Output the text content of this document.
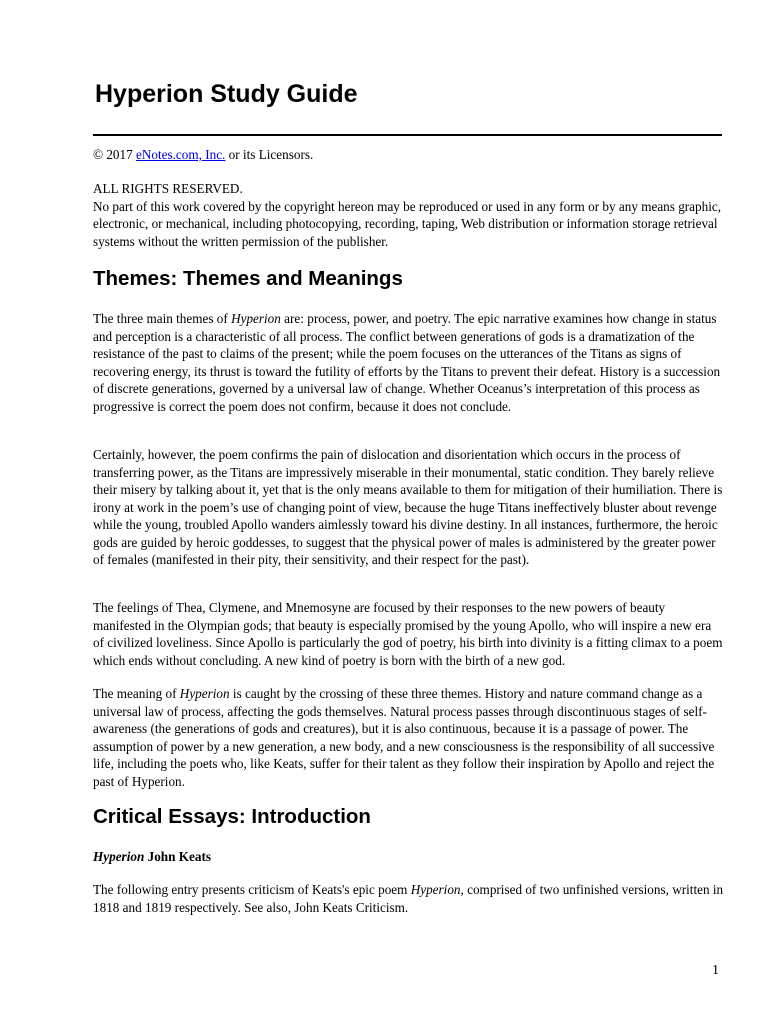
Hyperion Study Guide

© 2017 eNotes.com, Inc. or its Licensors.

ALL RIGHTS RESERVED.
No part of this work covered by the copyright hereon may be reproduced or used in any form or by any means graphic, electronic, or mechanical, including photocopying, recording, taping, Web distribution or information storage retrieval systems without the written permission of the publisher.
Themes: Themes and Meanings

The three main themes of Hyperion are: process, power, and poetry. The epic narrative examines how change in status and perception is a characteristic of all process. The conflict between generations of gods is a dramatization of the resistance of the past to claims of the present; while the poem focuses on the utterances of the Titans as signs of recovering energy, its thrust is toward the futility of efforts by the Titans to prevent their defeat. History is a succession of discrete generations, governed by a universal law of change. Whether Oceanus’s interpretation of this process as progressive is correct the poem does not confirm, because it does not conclude.

Certainly, however, the poem confirms the pain of dislocation and disorientation which occurs in the process of transferring power, as the Titans are impressively miserable in their monumental, static condition. They barely relieve their misery by talking about it, yet that is the only means available to them for mitigation of their humiliation. There is irony at work in the poem’s use of changing point of view, because the huge Titans ineffectively bluster about revenge while the young, troubled Apollo wanders aimlessly toward his divine destiny. In all instances, furthermore, the heroic gods are guided by heroic goddesses, to suggest that the physical power of males is administered by the greater power of females (manifested in their pity, their sensitivity, and their respect for the past).

The feelings of Thea, Clymene, and Mnemosyne are focused by their responses to the new powers of beauty manifested in the Olympian gods; that beauty is especially promised by the young Apollo, who will inspire a new era of civilized loveliness. Since Apollo is particularly the god of poetry, his birth into divinity is a fitting climax to a poem which ends without concluding. A new kind of poetry is born with the birth of a new god.

The meaning of Hyperion is caught by the crossing of these three themes. History and nature command change as a universal law of process, affecting the gods themselves. Natural process passes through discontinuous stages of self-awareness (the generations of gods and creatures), but it is also continuous, because it is a passage of power. The assumption of power by a new generation, a new body, and a new consciousness is the responsibility of all successive life, including the poets who, like Keats, suffer for their talent as they follow their inspiration by Apollo and reject the past of Hyperion.

Critical Essays: Introduction

Hyperion John Keats

The following entry presents criticism of Keats's epic poem Hyperion, comprised of two unfinished versions, written in 1818 and 1819 respectively. See also, John Keats Criticism.

1
